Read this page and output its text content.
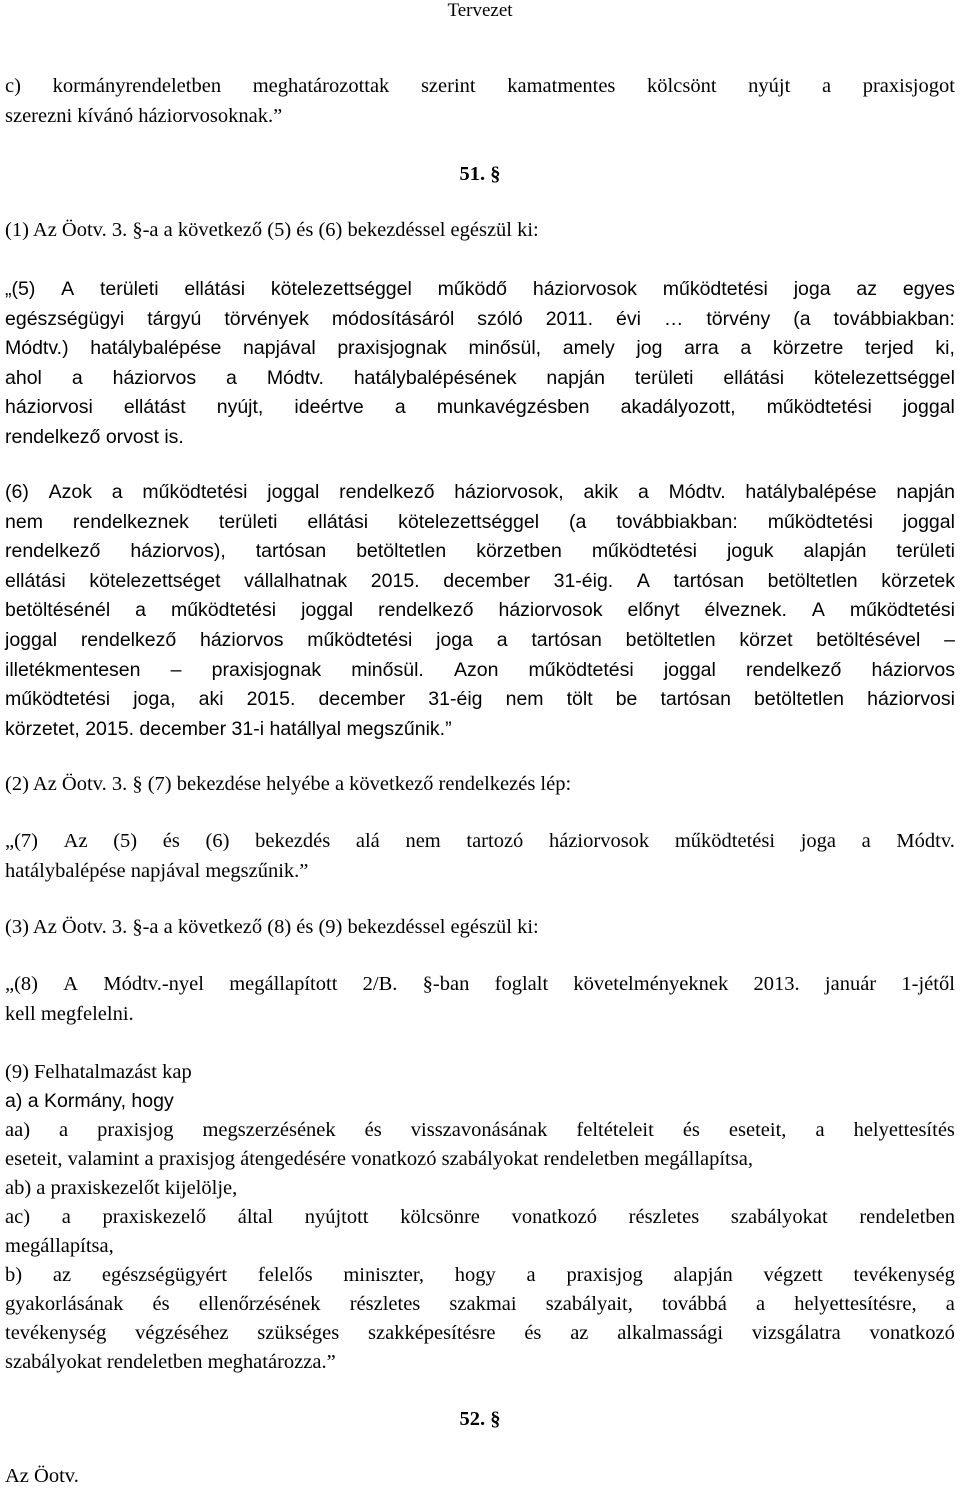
Tervezet
c) kormányrendeletben meghatározottak szerint kamatmentes kölcsönt nyújt a praxisjogot
szerezni kívánó háziorvosoknak.”
51. §
(1) Az Öotv. 3. §-a a következő (5) és (6) bekezdéssel egészül ki:
„(5) A területi ellátási kötelezettséggel működő háziorvosok működtetési joga az egyes
egészségügyi tárgyú törvények módosításáról szóló 2011. évi … törvény (a továbbiakban:
Módtv.) hatálybalépése napjával praxisjognak minősül, amely jog arra a körzetre terjed ki,
ahol a háziorvos a Módtv. hatálybalépésének napján területi ellátási kötelezettséggel
háziorvosi ellátást nyújt, ideértve a munkavégzésben akadályozott, működtetési joggal
rendelkező orvost is.
(6) Azok a működtetési joggal rendelkező háziorvosok, akik a Módtv. hatálybalépése napján
nem rendelkeznek területi ellátási kötelezettséggel (a továbbiakban: működtetési joggal
rendelkező háziorvos), tartósan betöltetlen körzetben működtetési joguk alapján területi
ellátási kötelezettséget vállalhatnak 2015. december 31-éig. A tartósan betöltetlen körzetek
betöltésénél a működtetési joggal rendelkező háziorvosok előnyt élveznek. A működtetési
joggal rendelkező háziorvos működtetési joga a tartósan betöltetlen körzet betöltésével –
illetékmentesen – praxisjognak minősül. Azon működtetési joggal rendelkező háziorvos
működtetési joga, aki 2015. december 31-éig nem tölt be tartósan betöltetlen háziorvosi
körzetet, 2015. december 31-i hatállyal megszűnik.”
(2) Az Öotv. 3. § (7) bekezdése helyébe a következő rendelkezés lép:
„(7) Az (5) és (6) bekezdés alá nem tartozó háziorvosok működtetési joga a Módtv.
hatálybalépése napjával megszűnik.”
(3) Az Öotv. 3. §-a a következő (8) és (9) bekezdéssel egészül ki:
„(8) A Módtv.-nyel megállapított 2/B. §-ban foglalt követelményeknek 2013. január 1-jétől
kell megfelelni.
(9) Felhatalmazást kap
a) a Kormány, hogy
aa) a praxisjog megszerzésének és visszavonásának feltételeit és eseteit, a helyettesítés
eseteit, valamint a praxisjog átengedésére vonatkozó szabályokat rendeletben megállapítsa,
ab) a praxiskezelőt kijelölje,
ac) a praxiskezelő által nyújtott kölcsönre vonatkozó részletes szabályokat rendeletben
megállapítsa,
b) az egészségügyért felelős miniszter, hogy a praxisjog alapján végzett tevékenység
gyakorlásának és ellenőrzésének részletes szakmai szabályait, továbbá a helyettesítésre, a
tevékenység végzéséhez szükséges szakképesítésre és az alkalmassági vizsgálatra vonatkozó
szabályokat rendeletben meghatározza.”
52. §
Az Öotv.
